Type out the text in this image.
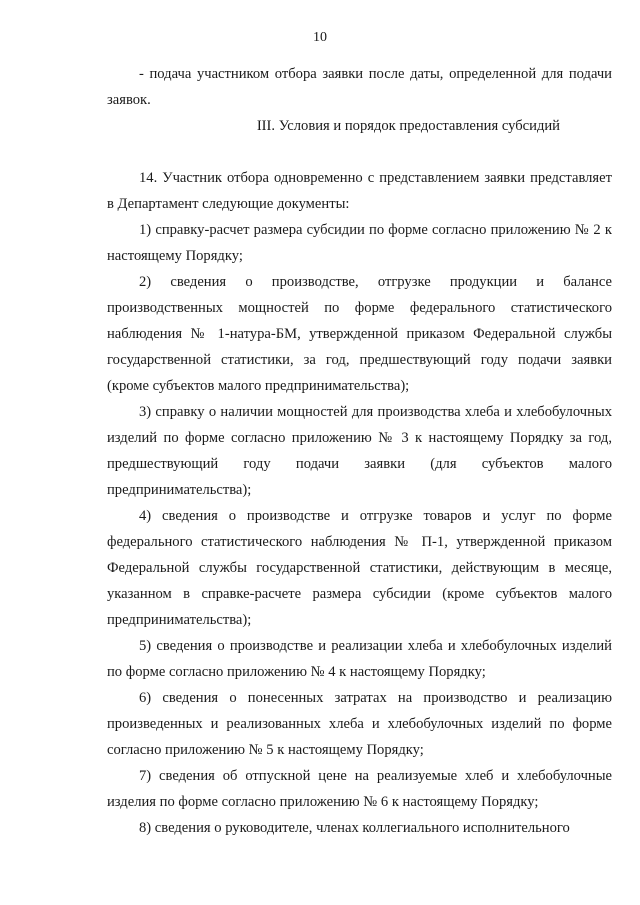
10

- подача участником отбора заявки после даты, определенной для подачи заявок.

III. Условия и порядок предоставления субсидий

14. Участник отбора одновременно с представлением заявки представляет в Департамент следующие документы:

1) справку-расчет размера субсидии по форме согласно приложению № 2 к настоящему Порядку;

2) сведения о производстве, отгрузке продукции и балансе производственных мощностей по форме федерального статистического наблюдения № 1-натура-БМ, утвержденной приказом Федеральной службы государственной статистики, за год, предшествующий году подачи заявки (кроме субъектов малого предпринимательства);

3) справку о наличии мощностей для производства хлеба и хлебобулочных изделий по форме согласно приложению № 3 к настоящему Порядку за год, предшествующий году подачи заявки (для субъектов малого предпринимательства);

4) сведения о производстве и отгрузке товаров и услуг по форме федерального статистического наблюдения № П-1, утвержденной приказом Федеральной службы государственной статистики, действующим в месяце, указанном в справке-расчете размера субсидии (кроме субъектов малого предпринимательства);

5) сведения о производстве и реализации хлеба и хлебобулочных изделий по форме согласно приложению № 4 к настоящему Порядку;

6) сведения о понесенных затратах на производство и реализацию произведенных и реализованных хлеба и хлебобулочных изделий по форме согласно приложению № 5 к настоящему Порядку;

7) сведения об отпускной цене на реализуемые хлеб и хлебобулочные изделия по форме согласно приложению № 6 к настоящему Порядку;

8) сведения о руководителе, членах коллегиального исполнительного
